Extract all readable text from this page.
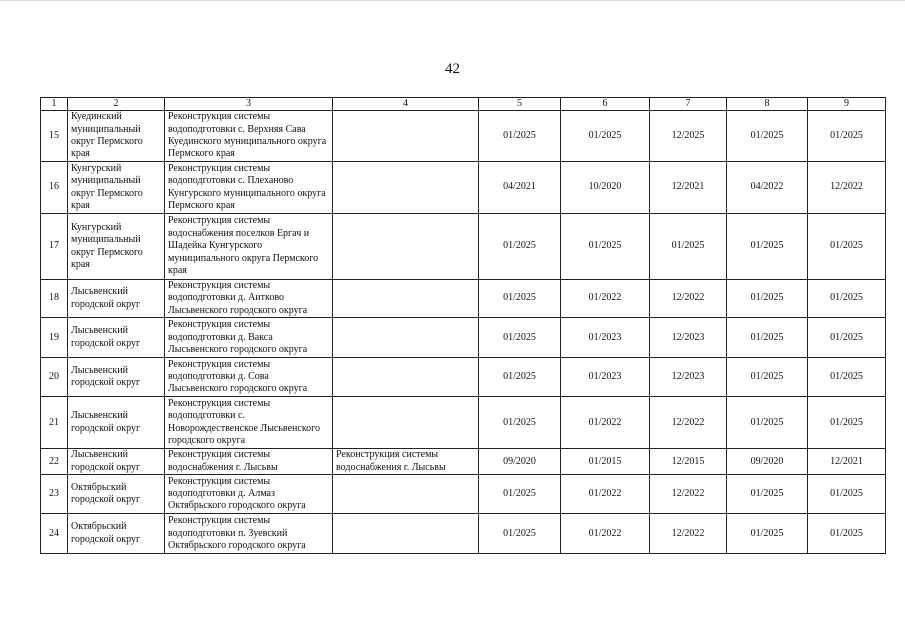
42
1	2	3	4	5	6	7	8	9
15	Куединский муниципальный округ Пермского края	Реконструкция системы водоподготовки с. Верхняя Сава Куединского муниципального округа Пермского края		01/2025	01/2025	12/2025	01/2025	01/2025
16	Кунгурский муниципальный округ Пермского края	Реконструкция системы водоподготовки с. Плеханово Кунгурского муниципального округа Пермского края		04/2021	10/2020	12/2021	04/2022	12/2022
17	Кунгурский муниципальный округ Пермского края	Реконструкция системы водоснабжения поселков Ергач и Шадейка Кунгурского муниципального округа Пермского края		01/2025	01/2025	01/2025	01/2025	01/2025
18	Лысьвенский городской округ	Реконструкция системы водоподготовки д. Аитково Лысьвенского городского округа		01/2025	01/2022	12/2022	01/2025	01/2025
19	Лысьвенский городской округ	Реконструкция системы водоподготовки д. Вакса Лысьвенского городского округа		01/2025	01/2023	12/2023	01/2025	01/2025
20	Лысьвенский городской округ	Реконструкция системы водоподготовки д. Сова Лысьвенского городского округа		01/2025	01/2023	12/2023	01/2025	01/2025
21	Лысьвенский городской округ	Реконструкция системы водоподготовки с. Новорождественское Лысьвенского городского округа		01/2025	01/2022	12/2022	01/2025	01/2025
22	Лысьвенский городской округ	Реконструкция системы водоснабжения г. Лысьвы	Реконструкция системы водоснабжения г. Лысьвы	09/2020	01/2015	12/2015	09/2020	12/2021
23	Октябрьский городской округ	Реконструкция системы водоподготовки д. Алмаз Октябрьского городского округа		01/2025	01/2022	12/2022	01/2025	01/2025
24	Октябрьский городской округ	Реконструкция системы водоподготовки п. Зуевский Октябрьского городского округа		01/2025	01/2022	12/2022	01/2025	01/2025
